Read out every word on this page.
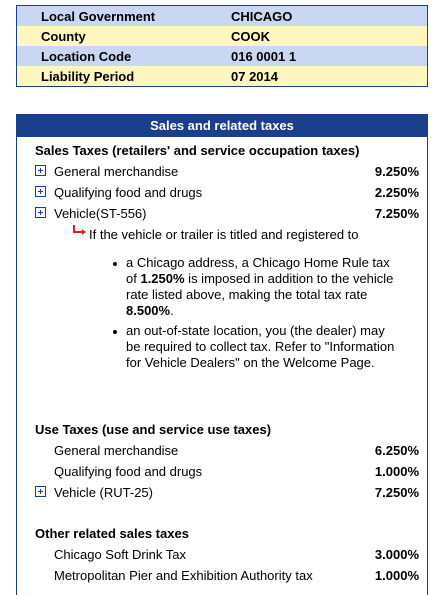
Local Government	CHICAGO
County	COOK
Location Code	016 0001 1
Liability Period	07 2014
Sales and related taxes
Sales Taxes (retailers' and service occupation taxes)
General merchandise	9.250%
Qualifying food and drugs	2.250%
Vehicle(ST-556)	7.250%
If the vehicle or trailer is titled and registered to
a Chicago address, a Chicago Home Rule tax of 1.250% is imposed in addition to the vehicle rate listed above, making the total tax rate 8.500%.
an out-of-state location, you (the dealer) may be required to collect tax. Refer to "Information for Vehicle Dealers" on the Welcome Page.
Use Taxes (use and service use taxes)
General merchandise	6.250%
Qualifying food and drugs	1.000%
Vehicle (RUT-25)	7.250%
Other related sales taxes
Chicago Soft Drink Tax	3.000%
Metropolitan Pier and Exhibition Authority tax	1.000%
